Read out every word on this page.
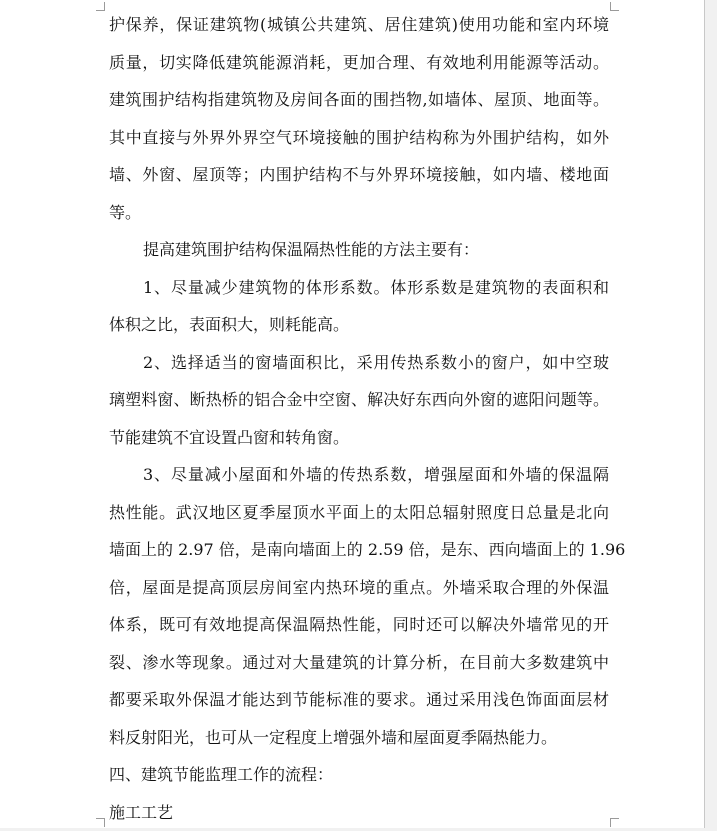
护保养，保证建筑物(城镇公共建筑、居住建筑)使用功能和室内环境
质量，切实降低建筑能源消耗，更加合理、有效地利用能源等活动。
建筑围护结构指建筑物及房间各面的围挡物,如墙体、屋顶、地面等。
其中直接与外界外界空气环境接触的围护结构称为外围护结构，如外
墙、外窗、屋顶等；内围护结构不与外界环境接触，如内墙、楼地面
等。
提高建筑围护结构保温隔热性能的方法主要有：
1、尽量减少建筑物的体形系数。体形系数是建筑物的表面积和
体积之比，表面积大，则耗能高。
2、选择适当的窗墙面积比，采用传热系数小的窗户，如中空玻
璃塑料窗、断热桥的铝合金中空窗、解决好东西向外窗的遮阳问题等。
节能建筑不宜设置凸窗和转角窗。
3、尽量减小屋面和外墙的传热系数，增强屋面和外墙的保温隔
热性能。武汉地区夏季屋顶水平面上的太阳总辐射照度日总量是北向
墙面上的 2.97 倍，是南向墙面上的 2.59 倍，是东、西向墙面上的 1.96
倍，屋面是提高顶层房间室内热环境的重点。外墙采取合理的外保温
体系，既可有效地提高保温隔热性能，同时还可以解决外墙常见的开
裂、渗水等现象。通过对大量建筑的计算分析，在目前大多数建筑中
都要采取外保温才能达到节能标准的要求。通过采用浅色饰面面层材
料反射阳光，也可从一定程度上增强外墙和屋面夏季隔热能力。
四、建筑节能监理工作的流程：
施工工艺
